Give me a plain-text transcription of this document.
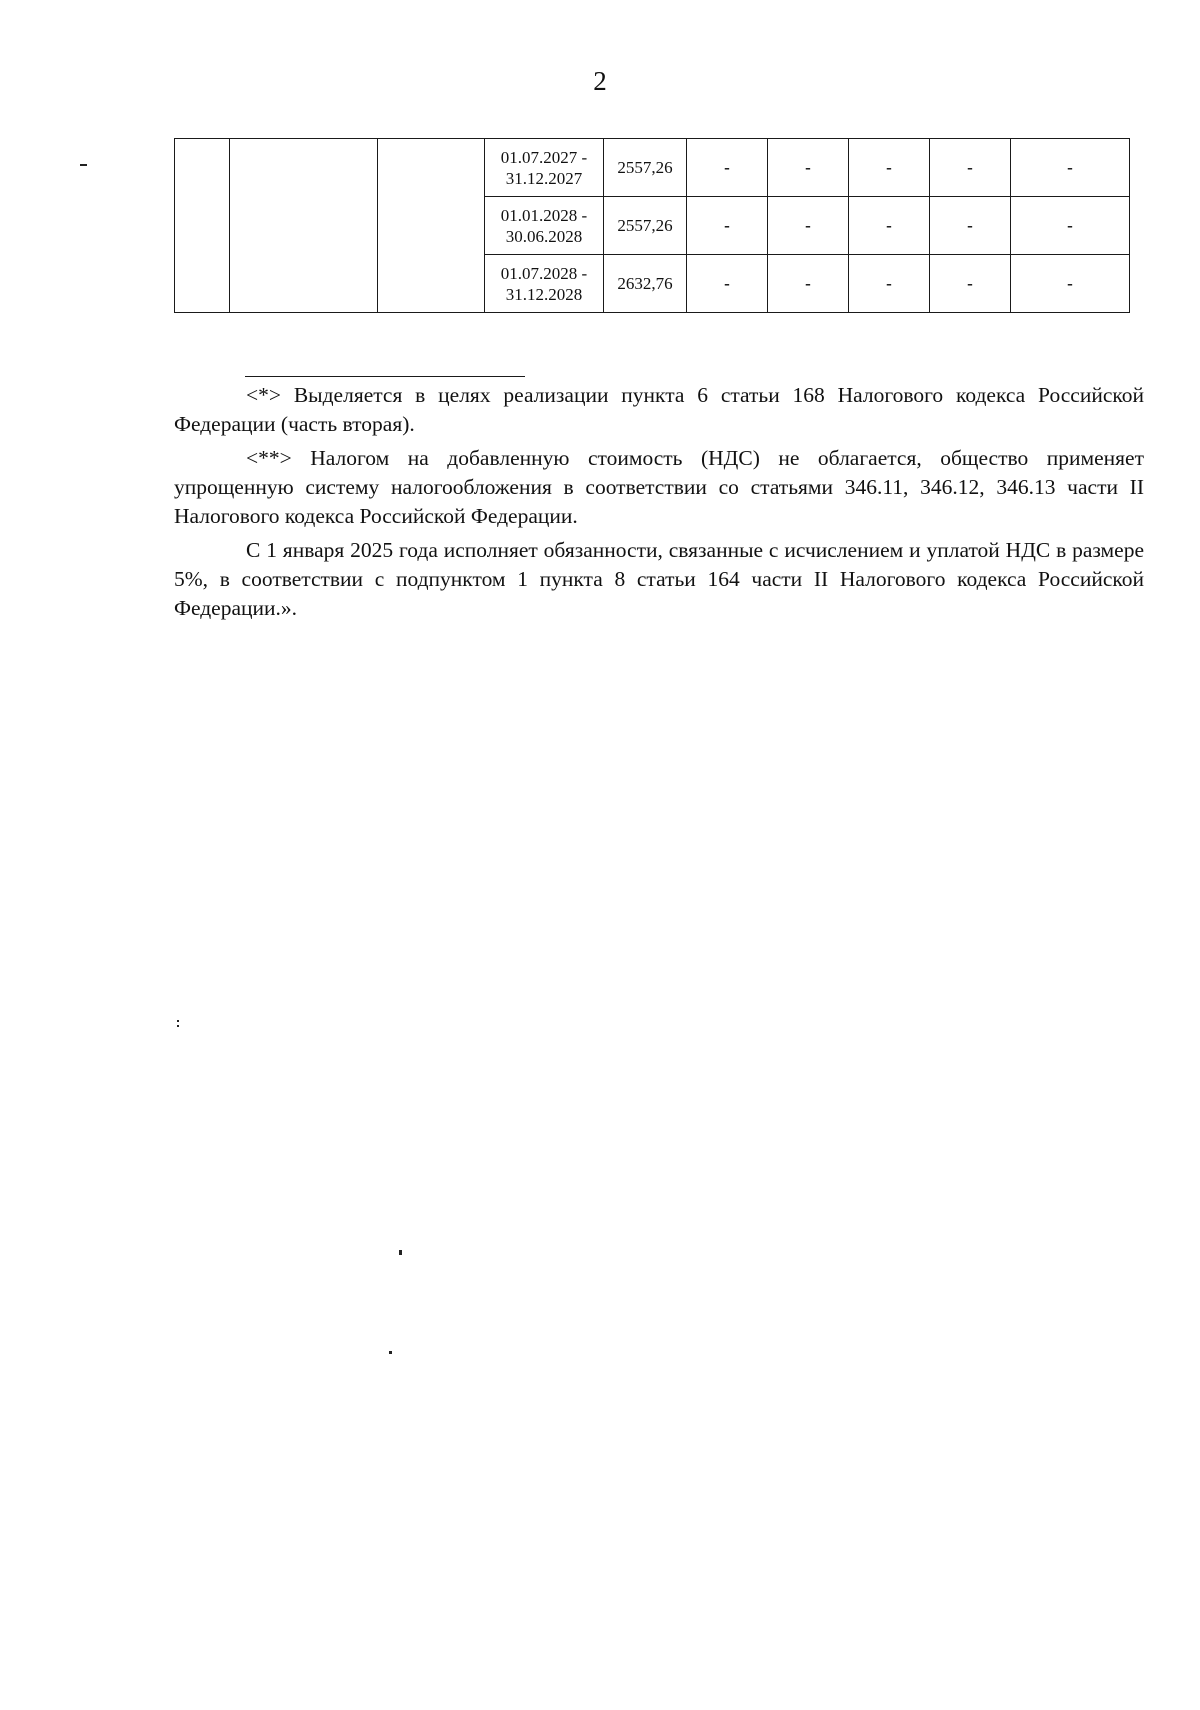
2

			01.07.2027 -
31.12.2027	2557,26	-	-	-	-	-

			01.01.2028 -
30.06.2028	2557,26	-	-	-	-	-

			01.07.2028 -
31.12.2028	2632,76	-	-	-	-	-

<*> Выделяется в целях реализации пункта 6 статьи 168 Налогового кодекса Российской Федерации (часть вторая).

<**> Налогом на добавленную стоимость (НДС) не облагается, общество применяет упрощенную систему налогообложения в соответствии со статьями 346.11, 346.12, 346.13 части II Налогового кодекса Российской Федерации.

С 1 января 2025 года исполняет обязанности, связанные с исчислением и уплатой НДС в размере 5%, в соответствии с подпунктом 1 пункта 8 статьи 164 части II Налогового кодекса Российской Федерации.».
